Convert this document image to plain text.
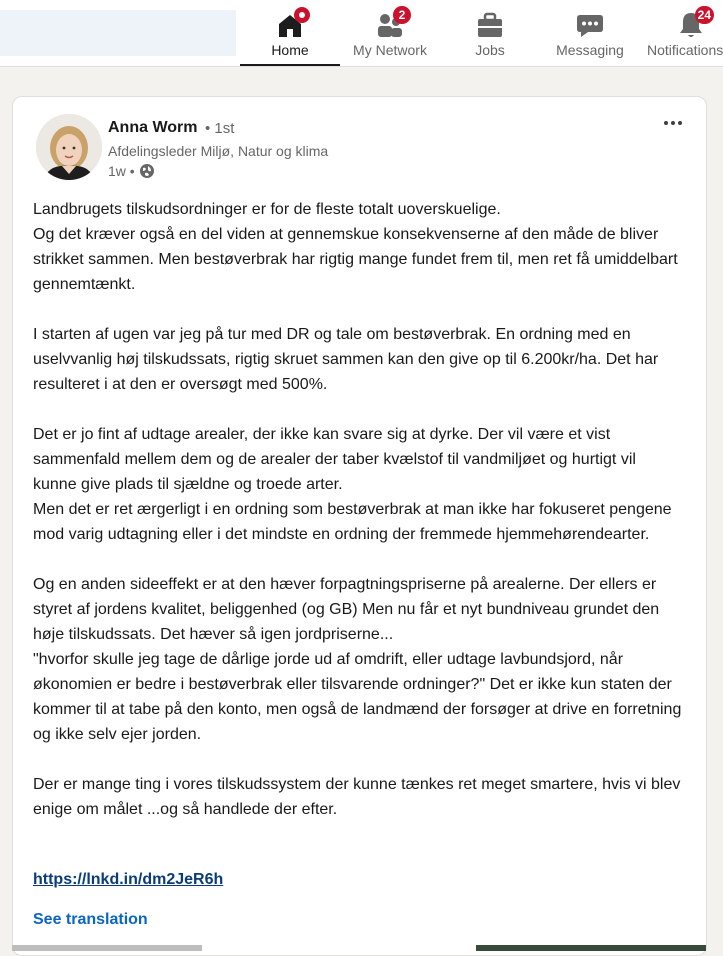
Home
2
My Network	Jobs	Messaging
24
Notifications
Anna Worm • 1st
Afdelingsleder Miljø, Natur og klima
1w •

Landbrugets tilskudsordninger er for de fleste totalt uoverskuelige.
Og det kræver også en del viden at gennemskue konsekvenserne af den måde de bliver strikket sammen. Men bestøverbrak har rigtig mange fundet frem til, men ret få umiddelbart gennemtænkt.

I starten af ugen var jeg på tur med DR og tale om bestøverbrak. En ordning med en uselvvanlig høj tilskudssats, rigtig skruet sammen kan den give op til 6.200kr/ha. Det har resulteret i at den er oversøgt med 500%.

Det er jo fint af udtage arealer, der ikke kan svare sig at dyrke. Der vil være et vist sammenfald mellem dem og de arealer der taber kvælstof til vandmiljøet og hurtigt vil kunne give plads til sjældne og troede arter.
Men det er ret ærgerligt i en ordning som bestøverbrak at man ikke har fokuseret pengene mod varig udtagning eller i det mindste en ordning der fremmede hjemmehørendearter.

Og en anden sideeffekt er at den hæver forpagtningspriserne på arealerne. Der ellers er styret af jordens kvalitet, beliggenhed (og GB) Men nu får et nyt bundniveau grundet den høje tilskudssats. Det hæver så igen jordpriserne...
"hvorfor skulle jeg tage de dårlige jorde ud af omdrift, eller udtage lavbundsjord, når økonomien er bedre i bestøverbrak eller tilsvarende ordninger?" Det er ikke kun staten der kommer til at tabe på den konto, men også de landmænd der forsøger at drive en forretning og ikke selv ejer jorden.

Der er mange ting i vores tilskudssystem der kunne tænkes ret meget smartere, hvis vi blev enige om målet ...og så handlede der efter.

https://lnkd.in/dm2JeR6h
See translation
